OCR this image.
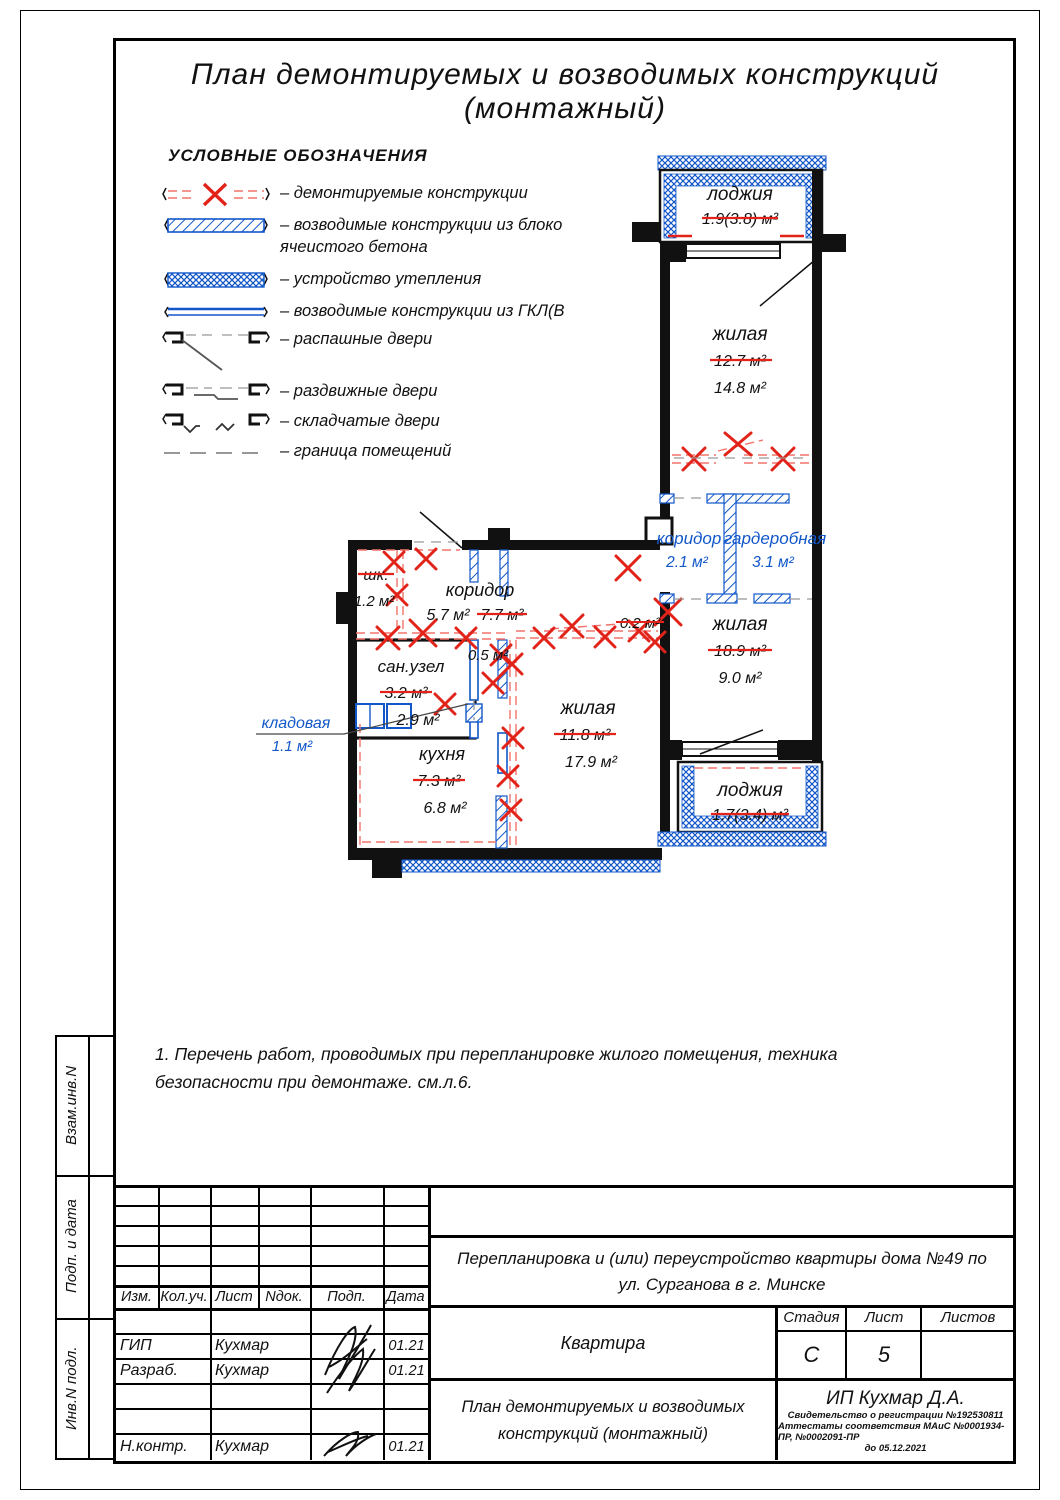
План демонтируемых и возводимых конструкций (монтажный)
УСЛОВНЫЕ ОБОЗНАЧЕНИЯ
– демонтируемые конструкции
– возводимые конструкции из блоко ячеистого бетона
– устройство утепления
– возводимые конструкции из ГКЛ(В
– распашные двери
– раздвижные двери
– складчатые двери
– граница помещений
лоджия
1.9(3.8) м²
жилая
12.7 м²
14.8 м²
коридор
2.1 м²
гардеробная
3.1 м²
жилая
18.9 м²
9.0 м²
лоджия
1.7(3.4) м²
шк.
1.2 м²
коридор
5.7 м² 7.7 м²
сан.узел
3.2 м²
2.9 м²
0.5 м²
кладовая
1.1 м²	кухня
7.3 м²
6.8 м²
жилая
11.8 м²
17.9 м²
0.2 м²
1. Перечень работ, проводимых при перепланировке жилого помещения, техника безопасности при демонтаже. см.л.6.
Взам.инв.N
Подп. и дата
Инв.N подл.
Изм. Кол.уч. Лист Nдок.	Подп.	Дата
ГИП	Кухмар	01.21
Разраб.	Кухмар	01.21
Н.контр.	Кухмар	01.21
Перепланировка и (или) переустройство квартиры дома №49 по
ул. Сурганова в г. Минске
Квартира
Стадия	Лист	Листов
С	5
План демонтируемых и возводимых
конструкций (монтажный)
ИП Кухмар Д.А.
Свидетельство о регистрации №192530811
Аттестаты соответствия МАиС №0001934-ПР, №0002091-ПР
до 05.12.2021
